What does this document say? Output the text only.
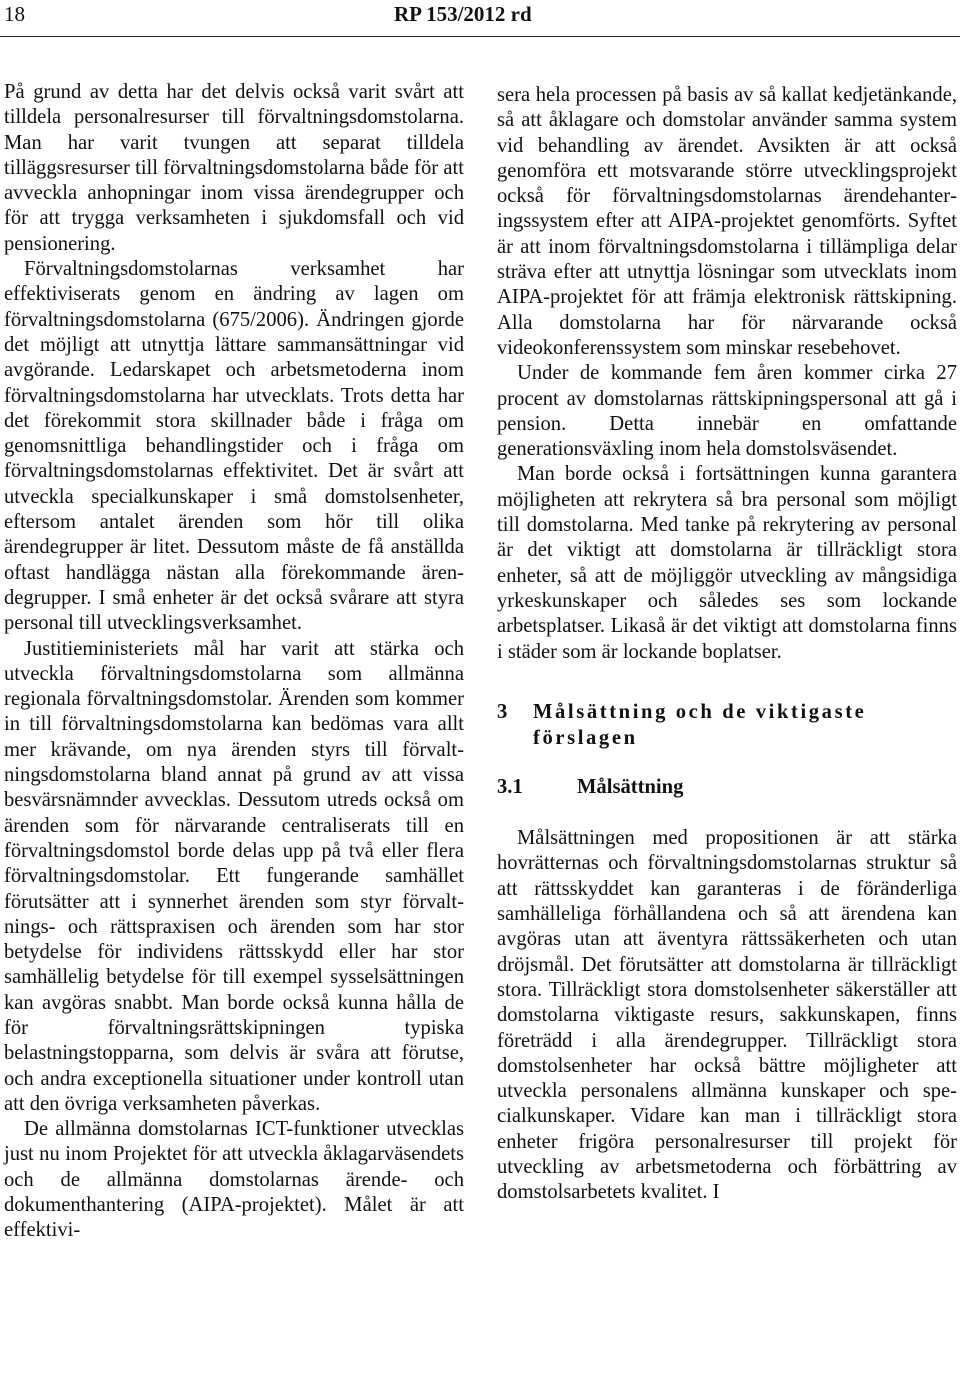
18	RP 153/2012 rd

På grund av detta har det delvis också varit svårt att tilldela personalresurser till förvaltningsdomstolarna. Man har varit tvungen att separat tilldela tilläggsresurser till förvaltningsdomstolarna både för att avveckla anhopningar inom vissa ärendegrupper och för att trygga verksamheten i sjukdomsfall och vid pensionering.

Förvaltningsdomstolarnas verksamhet har effektiviserats genom en ändring av lagen om förvaltningsdomstolarna (675/2006). Ändringen gjorde det möjligt att utnyttja lättare sammansättningar vid avgörande. Ledarskapet och arbetsmetoderna inom förvaltningsdomstolarna har utvecklats. Trots detta har det förekommit stora skillnader både i fråga om genomsnittliga behandlingstider och i fråga om förvaltningsdomstolarnas effektivitet. Det är svårt att utveckla specialkunskaper i små domstolsenheter, eftersom antalet ärenden som hör till olika ärendegrupper är litet. Dessutom måste de få anställda oftast handlägga nästan alla förekommande ärendegrupper. I små enheter är det också svårare att styra personal till utvecklingsverksamhet.

Justitieministeriets mål har varit att stärka och utveckla förvaltningsdomstolarna som allmänna regionala förvaltningsdomstolar. Ärenden som kommer in till förvaltningsdomstolarna kan bedömas vara allt mer krävande, om nya ärenden styrs till förvaltningsdomstolarna bland annat på grund av att vissa besvärsnämnder avvecklas. Dessutom utreds också om ärenden som för närvarande centraliserats till en förvaltningsdomstol borde delas upp på två eller flera förvaltningsdomstolar. Ett fungerande samhället förutsätter att i synnerhet ärenden som styr förvaltnings- och rättspraxisen och ärenden som har stor betydelse för individens rättsskydd eller har stor samhällelig betydelse för till exempel sysselsättningen kan avgöras snabbt. Man borde också kunna hålla de för förvaltningsrättskipningen typiska belastningstopparna, som delvis är svåra att förutse, och andra exceptionella situationer under kontroll utan att den övriga verksamheten påverkas.

De allmänna domstolarnas ICT-funktioner utvecklas just nu inom Projektet för att utveckla åklagarväsendets och de allmänna domstolarnas ärende- och dokumenthantering (AIPA-projektet). Målet är att effektivi-

sera hela processen på basis av så kallat kedjetänkande, så att åklagare och domstolar använder samma system vid behandling av ärendet. Avsikten är att också genomföra ett motsvarande större utvecklingsprojekt också för förvaltningsdomstolarnas ärendehanteringssystem efter att AIPA-projektet genomförts. Syftet är att inom förvaltningsdomstolarna i tillämpliga delar sträva efter att utnyttja lösningar som utvecklats inom AIPA-projektet för att främja elektronisk rättskipning. Alla domstolarna har för närvarande också videokonferenssystem som minskar resebehovet.

Under de kommande fem åren kommer cirka 27 procent av domstolarnas rättskipningspersonal att gå i pension. Detta innebär en omfattande generationsväxling inom hela domstolsväsendet.

Man borde också i fortsättningen kunna garantera möjligheten att rekrytera så bra personal som möjligt till domstolarna. Med tanke på rekrytering av personal är det viktigt att domstolarna är tillräckligt stora enheter, så att de möjliggör utveckling av mångsidiga yrkeskunskaper och således ses som lockande arbetsplatser. Likaså är det viktigt att domstolarna finns i städer som är lockande boplatser.

3 Målsättning och de viktigaste
förslagen
3.1	Målsättning

Målsättningen med propositionen är att stärka hovrätternas och förvaltningsdomstolarnas struktur så att rättsskyddet kan garanteras i de föränderliga samhälleliga förhållandena och så att ärendena kan avgöras utan att äventyra rättssäkerheten och utan dröjsmål. Det förutsätter att domstolarna är tillräckligt stora. Tillräckligt stora domstolsenheter säkerställer att domstolarna viktigaste resurs, sakkunskapen, finns företrädd i alla ärendegrupper. Tillräckligt stora domstolsenheter har också bättre möjligheter att utveckla personalens allmänna kunskaper och specialkunskaper. Vidare kan man i tillräckligt stora enheter frigöra personalresurser till projekt för utveckling av arbetsmetoderna och förbättring av domstolsarbetets kvalitet. I
